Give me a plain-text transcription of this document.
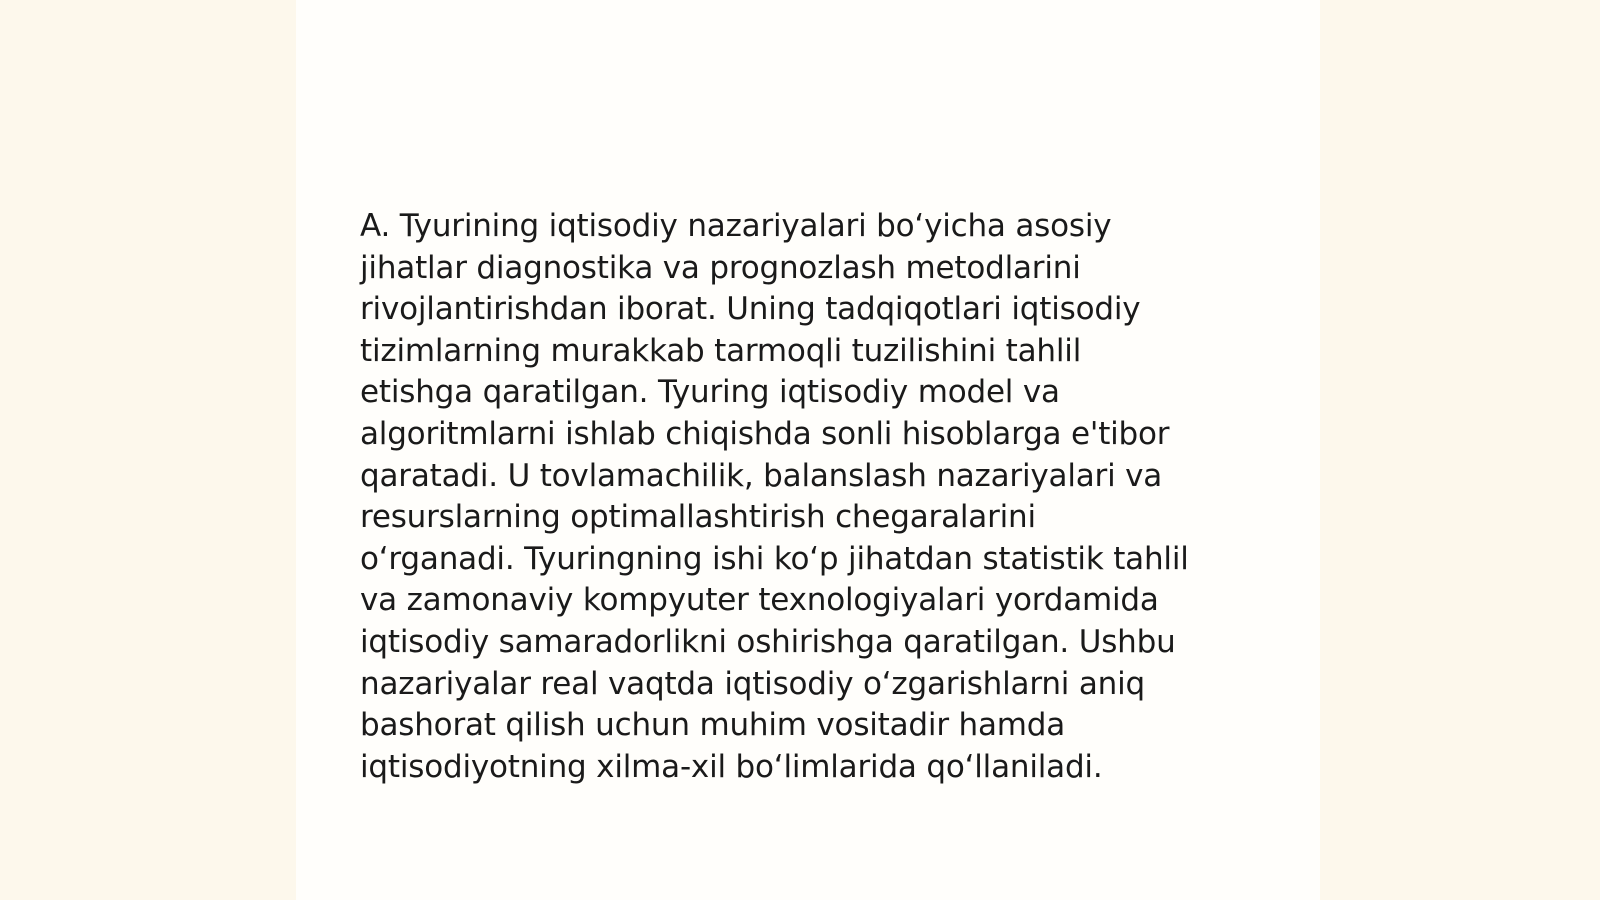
A. Tyurining iqtisodiy nazariyalari boʻyicha asosiy
jihatlar diagnostika va prognozlash metodlarini
rivojlantirishdan iborat. Uning tadqiqotlari iqtisodiy
tizimlarning murakkab tarmoqli tuzilishini tahlil
etishga qaratilgan. Tyuring iqtisodiy model va
algoritmlarni ishlab chiqishda sonli hisoblarga e'tibor
qaratadi. U tovlamachilik, balanslash nazariyalari va
resurslarning optimallashtirish chegaralarini
oʻrganadi. Tyuringning ishi koʻp jihatdan statistik tahlil
va zamonaviy kompyuter texnologiyalari yordamida
iqtisodiy samaradorlikni oshirishga qaratilgan. Ushbu
nazariyalar real vaqtda iqtisodiy oʻzgarishlarni aniq
bashorat qilish uchun muhim vositadir hamda
iqtisodiyotning xilma-xil boʻlimlarida qoʻllaniladi.
